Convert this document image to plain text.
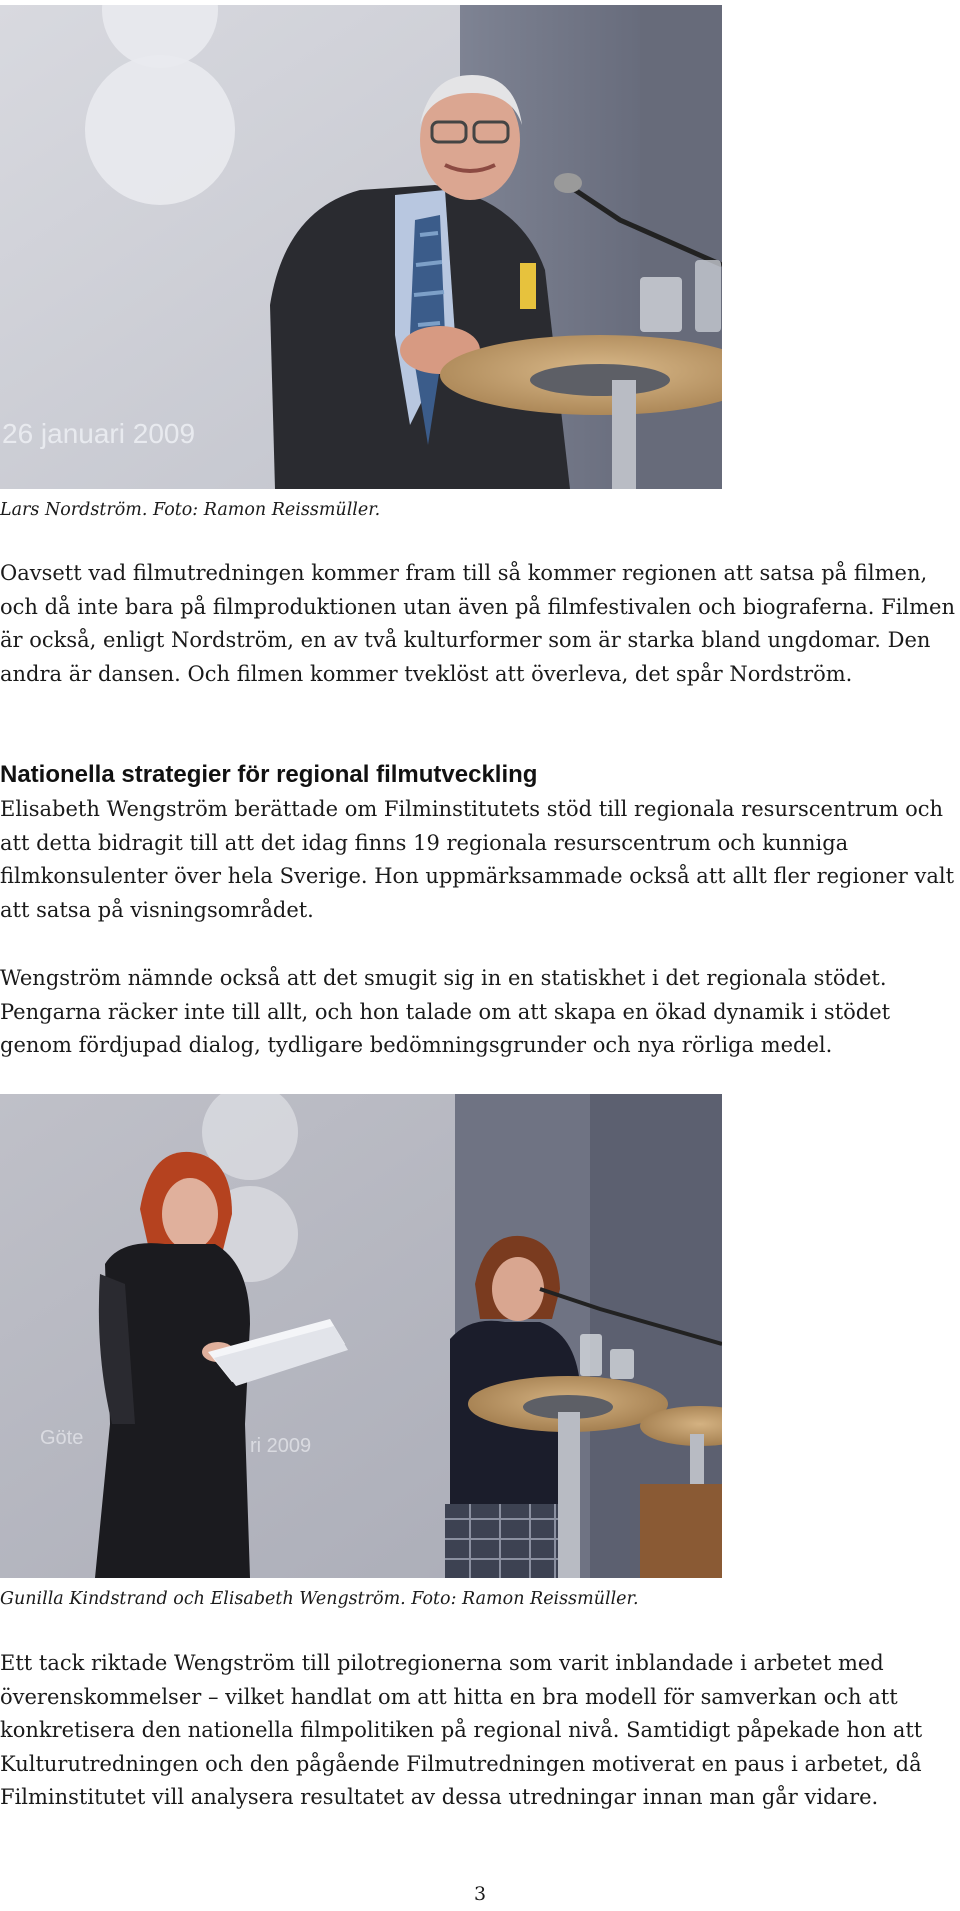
26 januari 2009
Lars Nordström. Foto: Ramon Reissmüller.

Oavsett vad filmutredningen kommer fram till så kommer regionen att satsa på filmen, och då inte bara på filmproduktionen utan även på filmfestivalen och biograferna. Filmen är också, enligt Nordström, en av två kulturformer som är starka bland ungdomar. Den andra är dansen. Och filmen kommer tveklöst att överleva, det spår Nordström.

Nationella strategier för regional filmutveckling

Elisabeth Wengström berättade om Filminstitutets stöd till regionala resurscentrum och att detta bidragit till att det idag finns 19 regionala resurscentrum och kunniga filmkonsulenter över hela Sverige. Hon uppmärksammade också att allt fler regioner valt att satsa på visningsområdet.

Wengström nämnde också att det smugit sig in en statiskhet i det regionala stödet. Pengarna räcker inte till allt, och hon talade om att skapa en ökad dynamik i stödet genom fördjupad dialog, tydligare bedömningsgrunder och nya rörliga medel.

Göte	ri 2009
Gunilla Kindstrand och Elisabeth Wengström. Foto: Ramon Reissmüller.

Ett tack riktade Wengström till pilotregionerna som varit inblandade i arbetet med överenskommelser – vilket handlat om att hitta en bra modell för samverkan och att konkretisera den nationella filmpolitiken på regional nivå. Samtidigt påpekade hon att Kulturutredningen och den pågående Filmutredningen motiverat en paus i arbetet, då Filminstitutet vill analysera resultatet av dessa utredningar innan man går vidare.

3
